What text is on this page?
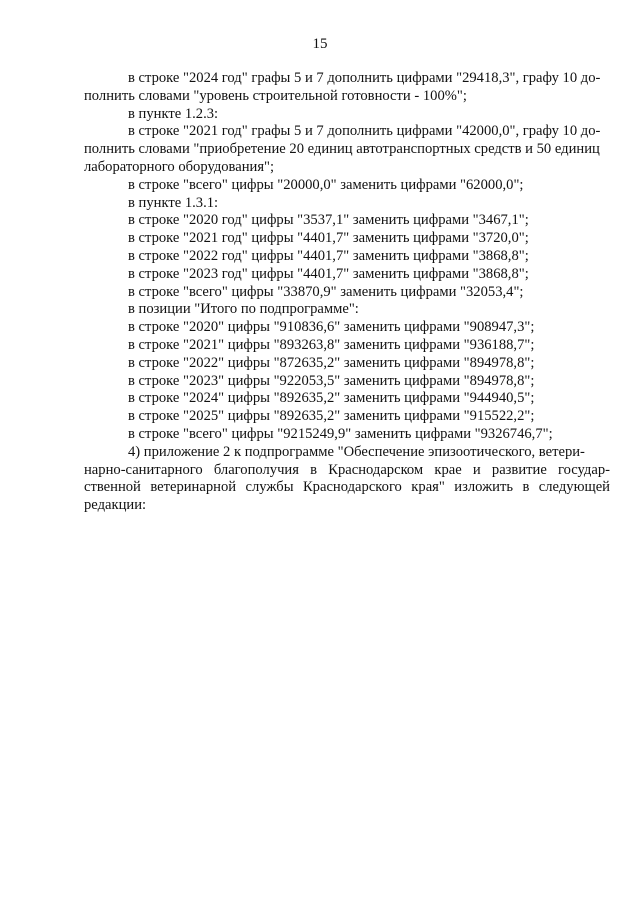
15
в строке "2024 год" графы 5 и 7 дополнить цифрами "29418,3", графу 10 до-
полнить словами "уровень строительной готовности - 100%";
в пункте 1.2.3:
в строке "2021 год" графы 5 и 7 дополнить цифрами "42000,0", графу 10 до-
полнить словами "приобретение 20 единиц автотранспортных средств и 50 единиц
лабораторного оборудования";
в строке "всего" цифры "20000,0" заменить цифрами "62000,0";
в пункте 1.3.1:
в строке "2020 год" цифры "3537,1" заменить цифрами "3467,1";
в строке "2021 год" цифры "4401,7" заменить цифрами "3720,0";
в строке "2022 год" цифры "4401,7" заменить цифрами "3868,8";
в строке "2023 год" цифры "4401,7" заменить цифрами "3868,8";
в строке "всего" цифры "33870,9" заменить цифрами "32053,4";
в позиции "Итого по подпрограмме":
в строке "2020" цифры "910836,6" заменить цифрами "908947,3";
в строке "2021" цифры "893263,8" заменить цифрами "936188,7";
в строке "2022" цифры "872635,2" заменить цифрами "894978,8";
в строке "2023" цифры "922053,5" заменить цифрами "894978,8";
в строке "2024" цифры "892635,2" заменить цифрами "944940,5";
в строке "2025" цифры "892635,2" заменить цифрами "915522,2";
в строке "всего" цифры "9215249,9" заменить цифрами "9326746,7";
4) приложение 2 к подпрограмме "Обеспечение эпизоотического, ветери-
нарно-санитарного благополучия в Краснодарском крае и развитие государ-
ственной ветеринарной службы Краснодарского края" изложить в следующей
редакции:
